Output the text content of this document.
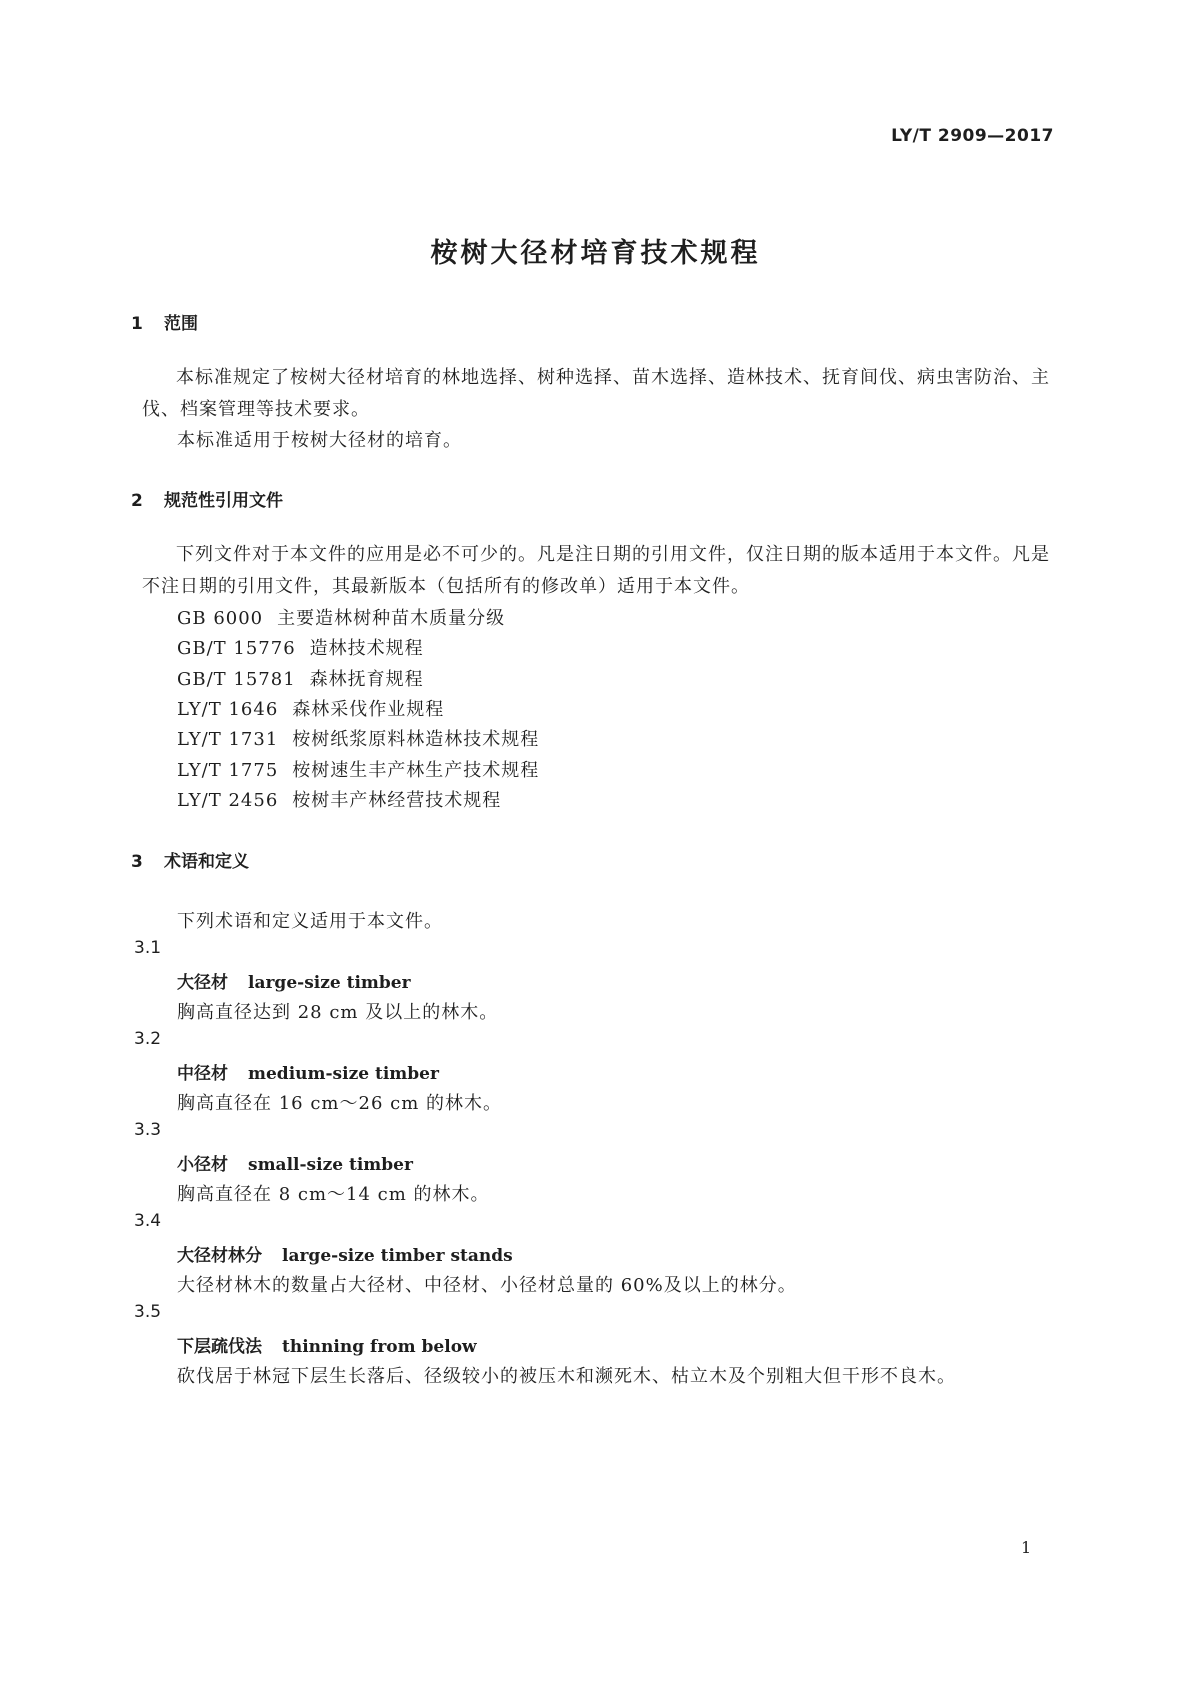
LY/T 2909—2017
桉树大径材培育技术规程
1 范围

本标准规定了桉树大径材培育的林地选择、树种选择、苗木选择、造林技术、抚育间伐、病虫害防治、主伐、档案管理等技术要求。

本标准适用于桉树大径材的培育。
2 规范性引用文件

下列文件对于本文件的应用是必不可少的。凡是注日期的引用文件，仅注日期的版本适用于本文件。凡是不注日期的引用文件，其最新版本（包括所有的修改单）适用于本文件。

GB 6000 主要造林树种苗木质量分级
GB/T 15776 造林技术规程
GB/T 15781 森林抚育规程
LY/T 1646 森林采伐作业规程
LY/T 1731 桉树纸浆原料林造林技术规程
LY/T 1775 桉树速生丰产林生产技术规程
LY/T 2456 桉树丰产林经营技术规程
3 术语和定义
下列术语和定义适用于本文件。
3.1
大径材 large-size timber
胸高直径达到 28 cm 及以上的林木。
3.2
中径材 medium-size timber
胸高直径在 16 cm～26 cm 的林木。
3.3
小径材 small-size timber
胸高直径在 8 cm～14 cm 的林木。
3.4
大径材林分 large-size timber stands
大径材林木的数量占大径材、中径材、小径材总量的 60%及以上的林分。
3.5
下层疏伐法 thinning from below
砍伐居于林冠下层生长落后、径级较小的被压木和濒死木、枯立木及个别粗大但干形不良木。
1
